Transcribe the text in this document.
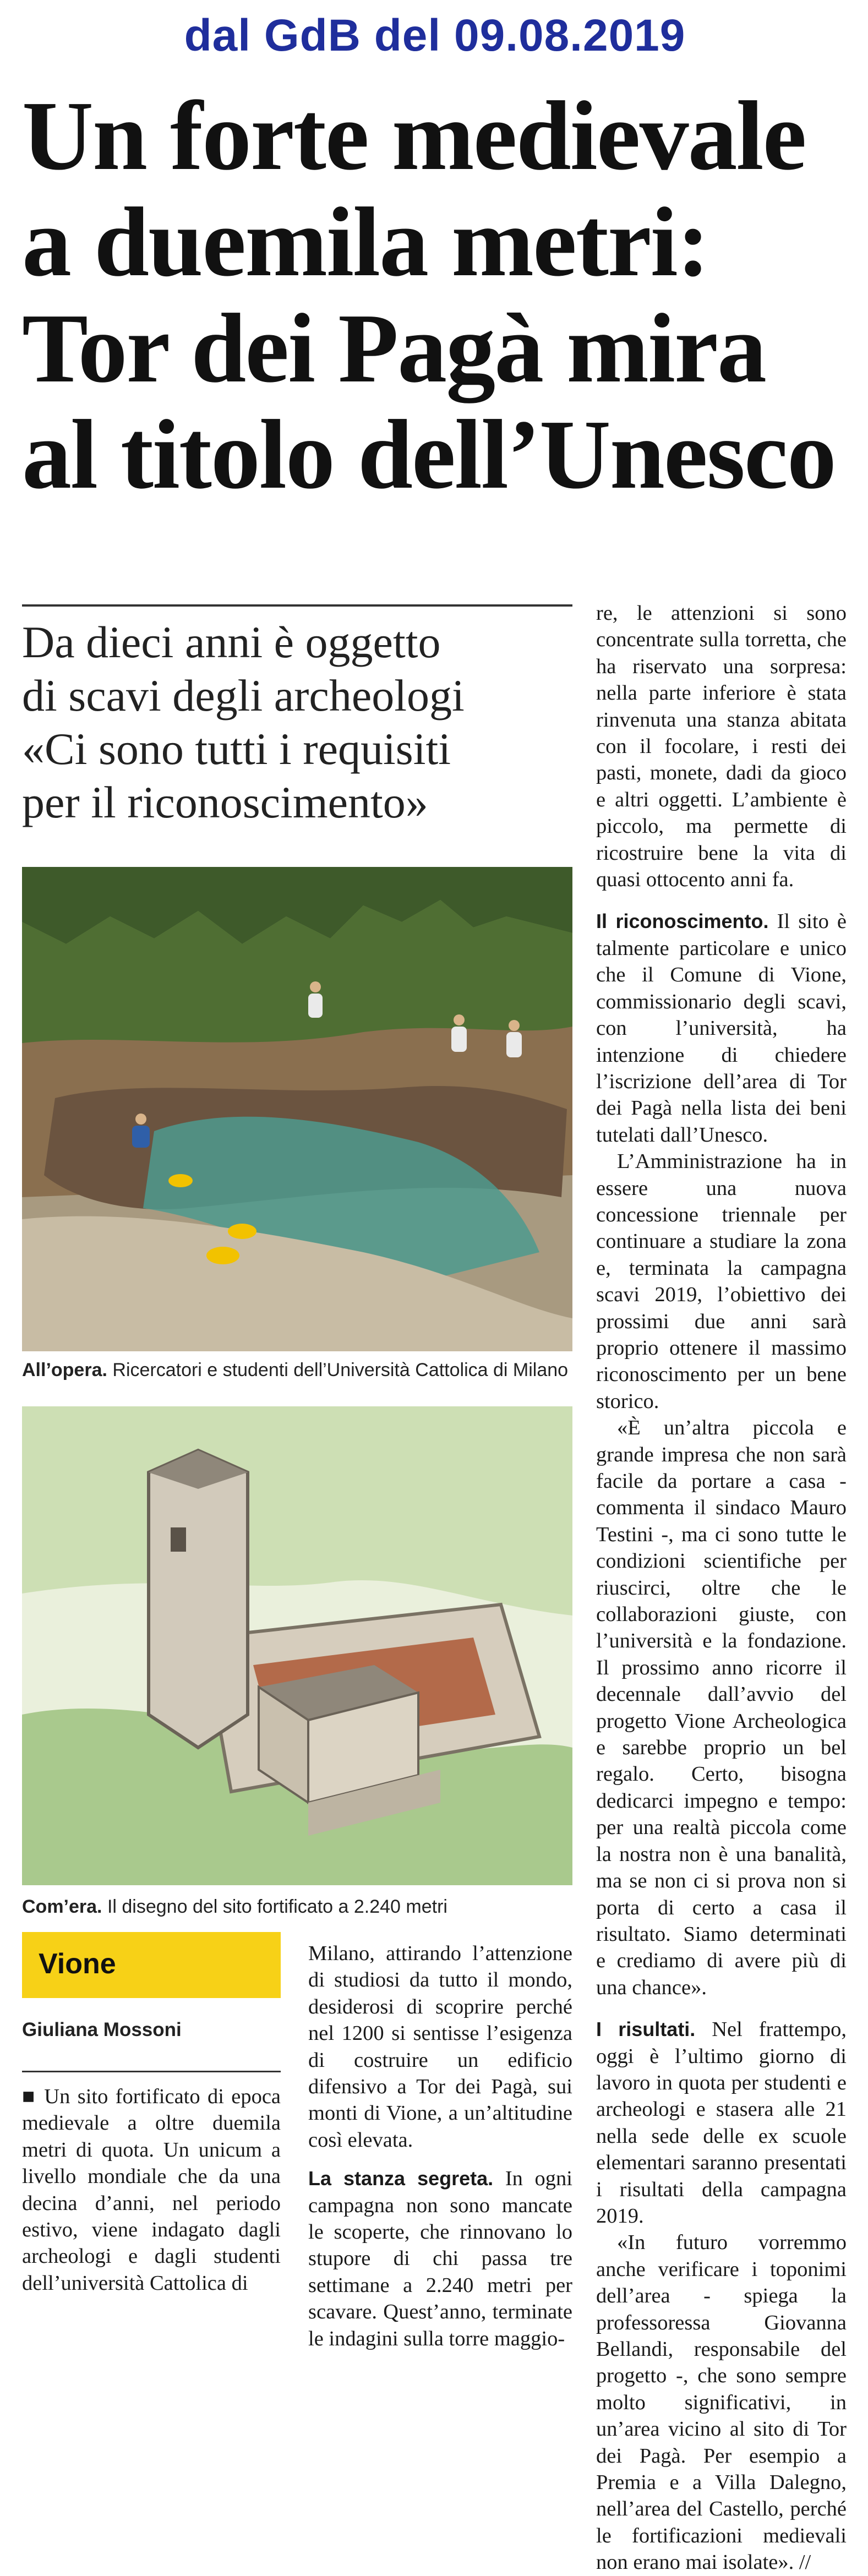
dal GdB del 09.08.2019
Un forte medievale
a duemila metri:
Tor dei Pagà mira
al titolo dell’Unesco
Da dieci anni è oggetto
di scavi degli archeologi
«Ci sono tutti i requisiti
per il riconoscimento»
All’opera. Ricercatori e studenti dell’Università Cattolica di Milano
Com’era. Il disegno del sito fortificato a 2.240 metri
Vione
Giuliana Mossoni

■ Un sito fortificato di epoca medievale a oltre duemila metri di quota. Un unicum a livello mondiale che da una decina d’anni, nel periodo estivo, viene indagato dagli archeologi e dagli studenti dell’università Cattolica di

Milano, attirando l’attenzione di studiosi da tutto il mondo, desiderosi di scoprire perché nel 1200 si sentisse l’esigenza di costruire un edificio difensivo a Tor dei Pagà, sui monti di Vione, a un’altitudine così elevata.

La stanza segreta. In ogni campagna non sono mancate le scoperte, che rinnovano lo stupore di chi passa tre settimane a 2.240 metri per scavare. Quest’anno, terminate le indagini sulla torre maggio-

re, le attenzioni si sono concentrate sulla torretta, che ha riservato una sorpresa: nella parte inferiore è stata rinvenuta una stanza abitata con il focolare, i resti dei pasti, monete, dadi da gioco e altri oggetti. L’ambiente è piccolo, ma permette di ricostruire bene la vita di quasi ottocento anni fa.

Il riconoscimento. Il sito è talmente particolare e unico che il Comune di Vione, commissionario degli scavi, con l’università, ha intenzione di chiedere l’iscrizione dell’area di Tor dei Pagà nella lista dei beni tutelati dall’Unesco.

L’Amministrazione ha in essere una nuova concessione triennale per continuare a studiare la zona e, terminata la campagna scavi 2019, l’obiettivo dei prossimi due anni sarà proprio ottenere il massimo riconoscimento per un bene storico.

«È un’altra piccola e grande impresa che non sarà facile da portare a casa - commenta il sindaco Mauro Testini -, ma ci sono tutte le condizioni scientifiche per riuscirci, oltre che le collaborazioni giuste, con l’università e la fondazione. Il prossimo anno ricorre il decennale dall’avvio del progetto Vione Archeologica e sarebbe proprio un bel regalo. Certo, bisogna dedicarci impegno e tempo: per una realtà piccola come la nostra non è una banalità, ma se non ci si prova non si porta di certo a casa il risultato. Siamo determinati e crediamo di avere più di una chance».

I risultati. Nel frattempo, oggi è l’ultimo giorno di lavoro in quota per studenti e archeologi e stasera alle 21 nella sede delle ex scuole elementari saranno presentati i risultati della campagna 2019.

«In futuro vorremmo anche verificare i toponimi dell’area - spiega la professoressa Giovanna Bellandi, responsabile del progetto -, che sono sempre molto significativi, in un’area vicino al sito di Tor dei Pagà. Per esempio a Premia e a Villa Dalegno, nell’area del Castello, perché le fortificazioni medievali non erano mai isolate». //
